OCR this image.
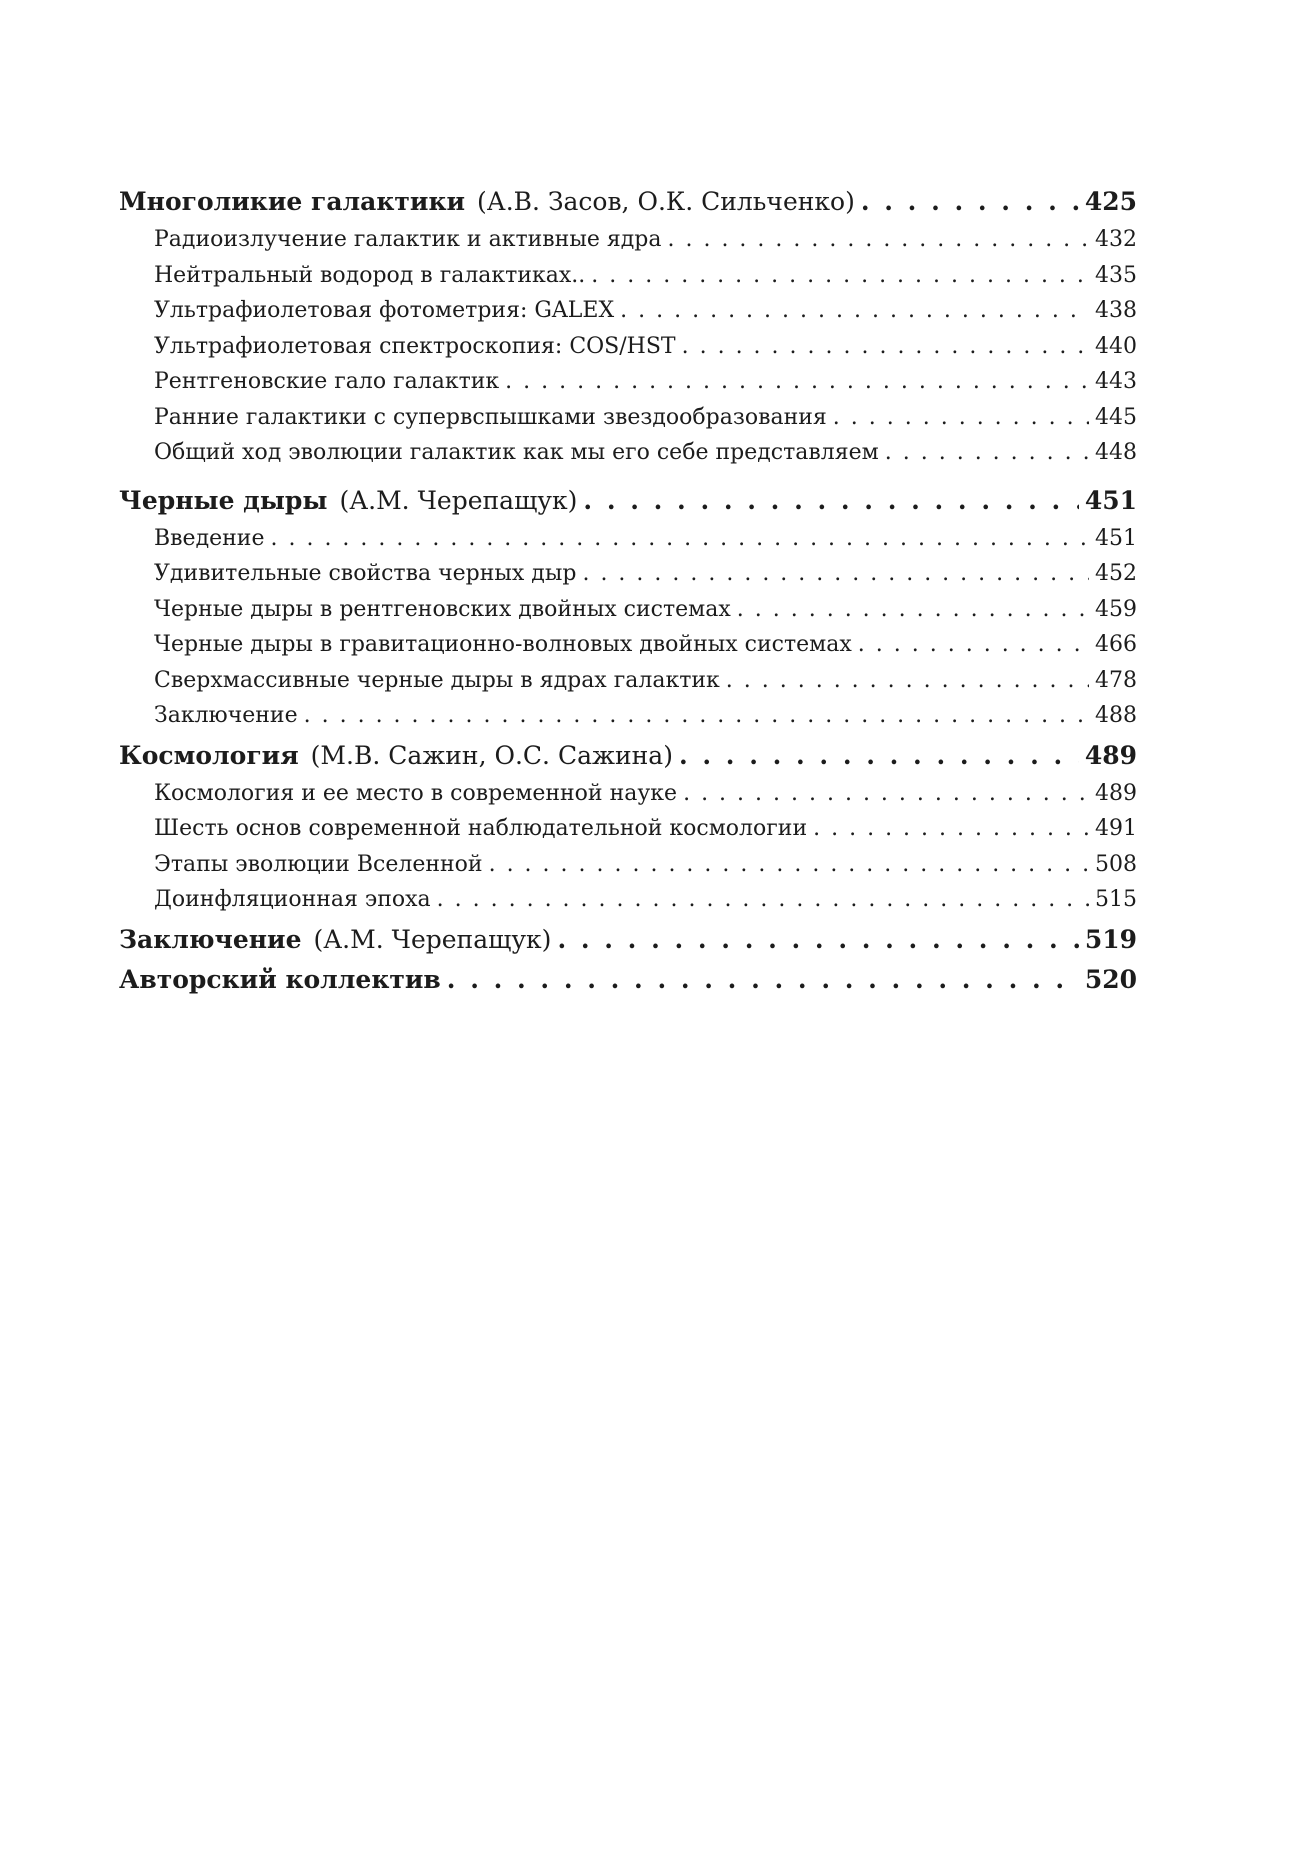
Многоликие галактики (А.В. Засов, О.К. Сильченко) . . .	425
Радиоизлучение галактик и активные ядра . . .	432
Нейтральный водород в галактиках.. . . .	435
Ультрафиолетовая фотометрия: GALEX . . .	438
Ультрафиолетовая спектроскопия: COS/HST . . .	440
Рентгеновские гало галактик . . .	443
Ранние галактики с супервспышками звездообразования . . .	445
Общий ход эволюции галактик как мы его себе представляем . . .	448
Черные дыры (А.М. Черепащук) . . .	451
Введение . . .	451
Удивительные свойства черных дыр . . .	452
Черные дыры в рентгеновских двойных системах . . .	459
Черные дыры в гравитационно-волновых двойных системах . . .	466
Сверхмассивные черные дыры в ядрах галактик . . .	478
Заключение . . .	488
Космология (М.В. Сажин, О.С. Сажина) . . .	489
Космология и ее место в современной науке . . .	489
Шесть основ современной наблюдательной космологии . . .	491
Этапы эволюции Вселенной . . .	508
Доинфляционная эпоха . . .	515
Заключение (А.М. Черепащук) . . .	519
Авторский коллектив . . .	520
